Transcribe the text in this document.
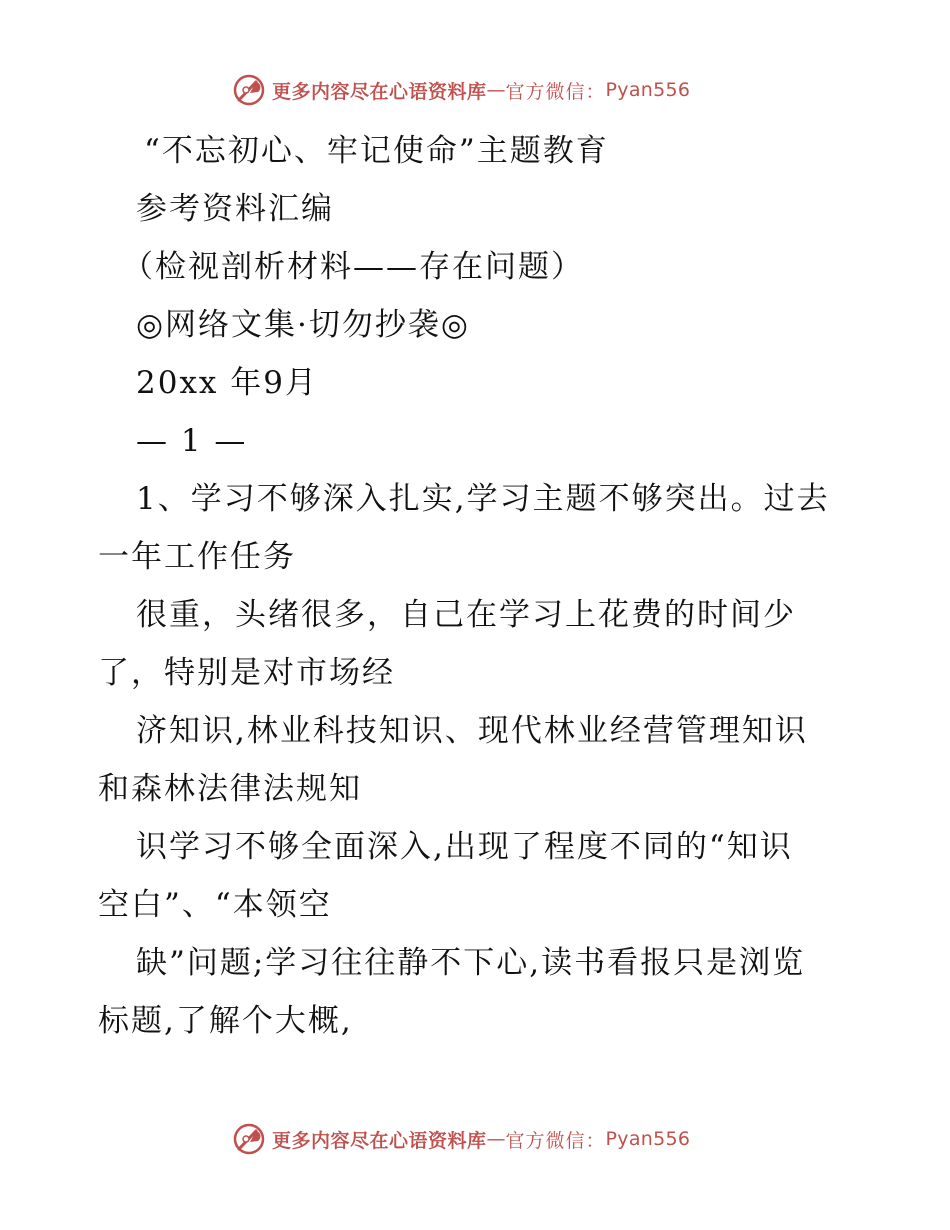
更多内容尽在心语资料库 — 官方微信： Pyan556
“不忘初心、牢记使命”主题教育
参考资料汇编
（检视剖析材料——存在问题）
◎网络文集·切勿抄袭◎
20xx 年9月
— 1 —
1、学习不够深入扎实,学习主题不够突出。过去
一年工作任务
很重，头绪很多，自己在学习上花费的时间少
了，特别是对市场经
济知识,林业科技知识、现代林业经营管理知识
和森林法律法规知
识学习不够全面深入,出现了程度不同的“知识
空白”、“本领空
缺”问题;学习往往静不下心,读书看报只是浏览
标题,了解个大概,
更多内容尽在心语资料库 — 官方微信： Pyan556
